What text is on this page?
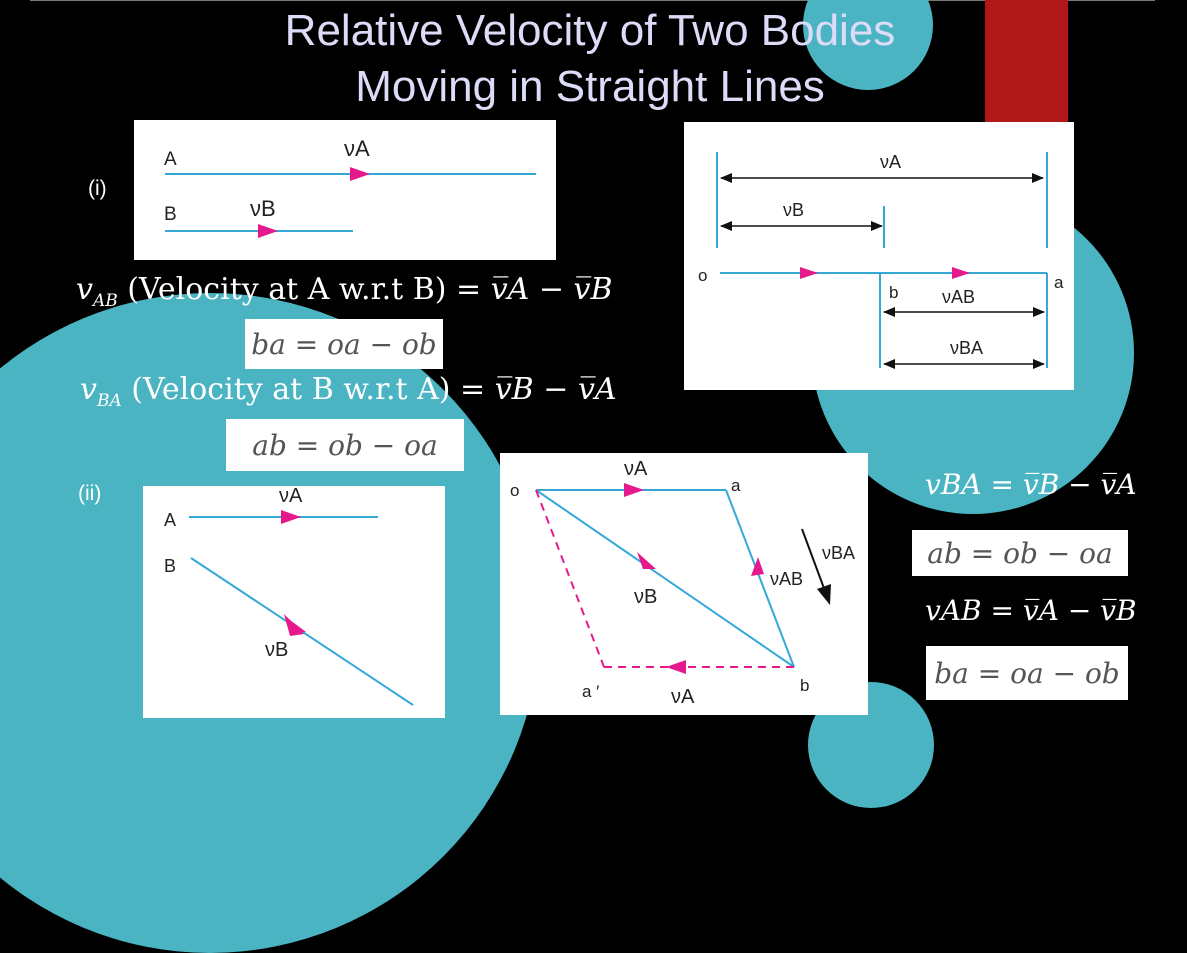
Relative Velocity of Two Bodies
Moving in Straight Lines
(i)
(ii)
A
B
νA
νB
νA
νB
o	a
b νAB
νBA
$v_{AB}$ (Velocity at A w.r.t B) = v̅A − v̅B
ba = oa − ob
$v_{BA}$ (Velocity at B w.r.t A) = v̅B − v̅A
ab = ob − oa
A
B
νA
νB
o	a
b
a ′
νA
νB
νAB
νA
νBA
vBA = v̅B − v̅A
ab = ob − oa
vAB = v̅A − v̅B
ba = oa − ob
